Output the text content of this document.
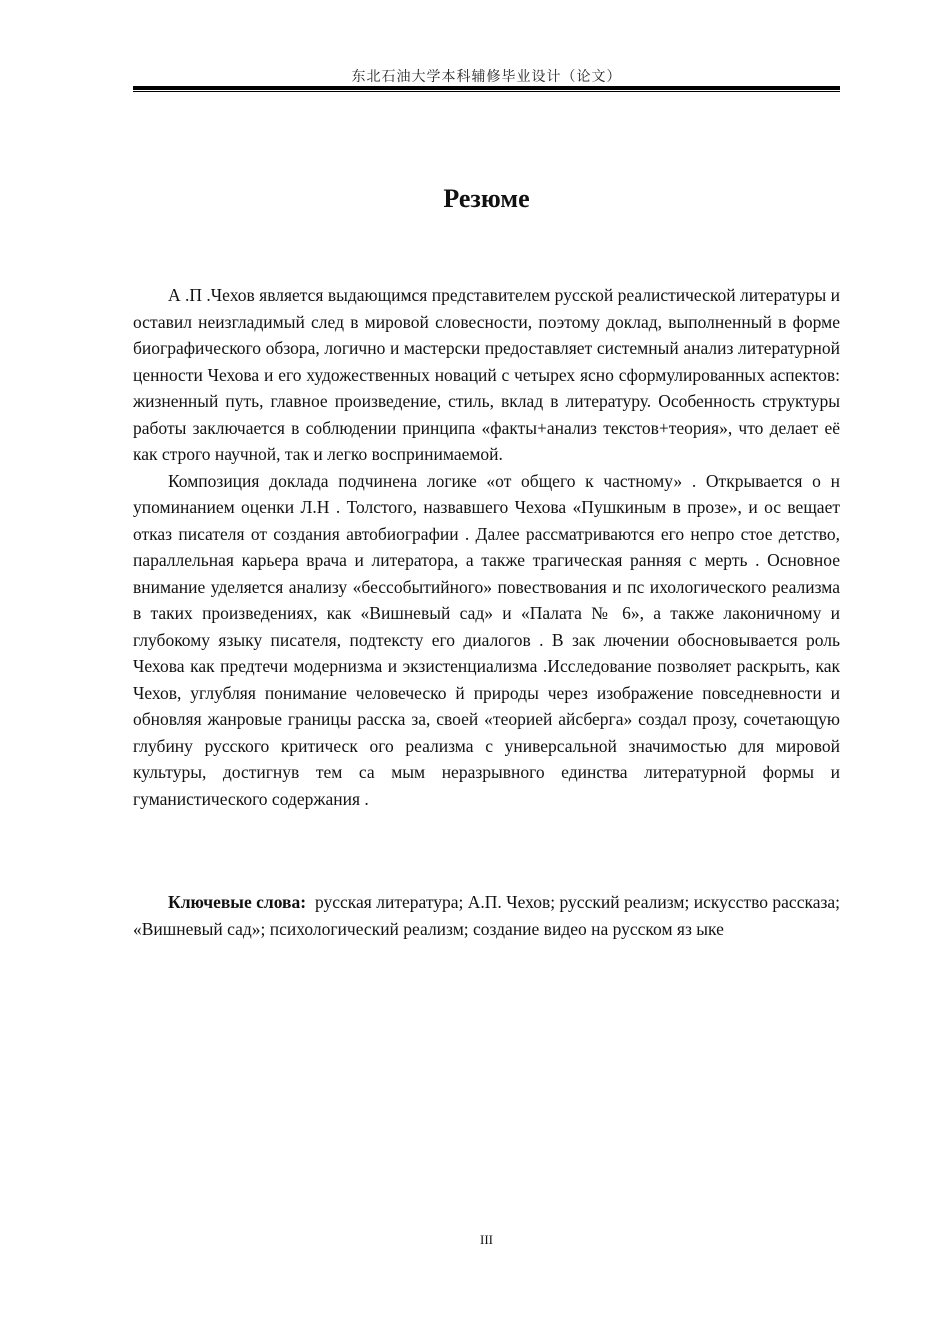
东北石油大学本科辅修毕业设计（论文）
Резюме

А .П .Чехов является выдающимся представителем русской реалистической литературы и оставил неизгладимый след в мировой словесности, поэтому доклад, выполненный в форме биографического обзора, логично и мастерски предоставляет системный анализ литературной ценности Чехова и его художественных новаций с четырех ясно сформулированных аспектов: жизненный путь, главное произведение, стиль, вклад в литературу. Особенность структуры работы заключается в соблюдении принципа «факты+анализ текстов+теория», что делает её как строго научной, так и легко воспринимаемой.

Композиция доклада подчинена логике «от общего к частному» . Открывается о н упоминанием оценки Л.Н . Толстого, назвавшего Чехова «Пушкиным в прозе», и ос вещает отказ писателя от создания автобиографии . Далее рассматриваются его непро стое детство, параллельная карьера врача и литератора, а также трагическая ранняя с мерть . Основное внимание уделяется анализу «бессобытийного» повествования и пс ихологического реализма в таких произведениях, как «Вишневый сад» и «Палата № 6», а также лаконичному и глубокому языку писателя, подтексту его диалогов . В зак лючении обосновывается роль Чехова как предтечи модернизма и экзистенциализма .Исследование позволяет раскрыть, как Чехов, углубляя понимание человеческо й природы через изображение повседневности и обновляя жанровые границы расска за, своей «теорией айсберга» создал прозу, сочетающую глубину русского критическ ого реализма с универсальной значимостью для мировой культуры, достигнув тем са мым неразрывного единства литературной формы и гуманистического содержания .

Ключевые слова: русская литература; А.П. Чехов; русский реализм; искусство рассказа; «Вишневый сад»; психологический реализм; создание видео на русском яз ыке

III
